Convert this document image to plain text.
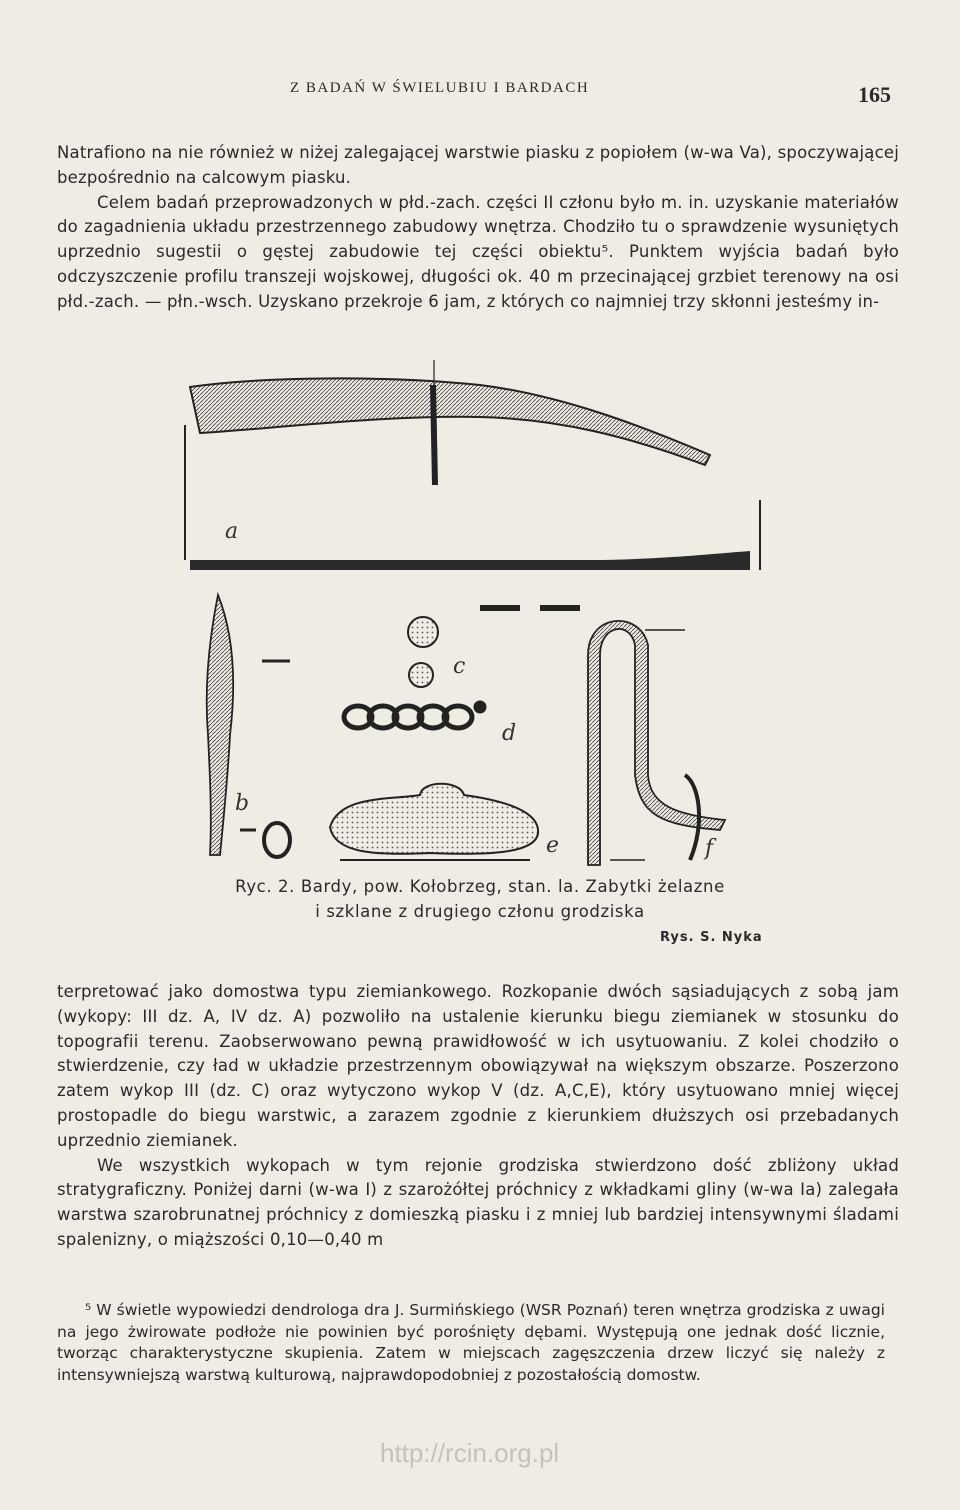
Z BADAŃ W ŚWIELUBIU I BARDACH	165

Natrafiono na nie również w niżej zalegającej warstwie piasku z popiołem (w-wa Va), spoczywającej bezpośrednio na calcowym piasku.

Celem badań przeprowadzonych w płd.-zach. części II członu było m. in. uzyskanie materiałów do zagadnienia układu przestrzennego zabudowy wnętrza. Chodziło tu o sprawdzenie wysuniętych uprzednio sugestii o gęstej zabudowie tej części obiektu⁵. Punktem wyjścia badań było odczyszczenie profilu transzeji wojskowej, długości ok. 40 m przecinającej grzbiet terenowy na osi płd.-zach. — płn.-wsch. Uzyskano przekroje 6 jam, z których co najmniej trzy skłonni jesteśmy in-

a
b
c
d
e	f
Ryc. 2. Bardy, pow. Kołobrzeg, stan. la. Zabytki żelazne
i szklane z drugiego członu grodziska
Rys. S. Nyka

terpretować jako domostwa typu ziemiankowego. Rozkopanie dwóch sąsiadujących z sobą jam (wykopy: III dz. A, IV dz. A) pozwoliło na ustalenie kierunku biegu ziemianek w stosunku do topografii terenu. Zaobserwowano pewną prawidłowość w ich usytuowaniu. Z kolei chodziło o stwierdzenie, czy ład w układzie przestrzennym obowiązywał na większym obszarze. Poszerzono zatem wykop III (dz. C) oraz wytyczono wykop V (dz. A,C,E), który usytuowano mniej więcej prostopadle do biegu warstwic, a zarazem zgodnie z kierunkiem dłuższych osi przebadanych uprzednio ziemianek.

We wszystkich wykopach w tym rejonie grodziska stwierdzono dość zbliżony układ stratygraficzny. Poniżej darni (w-wa I) z szarożółtej próchnicy z wkładkami gliny (w-wa Ia) zalegała warstwa szarobrunatnej próchnicy z domieszką piasku i z mniej lub bardziej intensywnymi śladami spalenizny, o miąższości 0,10—0,40 m

⁵ W świetle wypowiedzi dendrologa dra J. Surmińskiego (WSR Poznań) teren wnętrza grodziska z uwagi na jego żwirowate podłoże nie powinien być porośnięty dębami. Występują one jednak dość licznie, tworząc charakterystyczne skupienia. Zatem w miejscach zagęszczenia drzew liczyć się należy z intensywniejszą warstwą kulturową, najprawdopodobniej z pozostałością domostw.

http://rcin.org.pl
